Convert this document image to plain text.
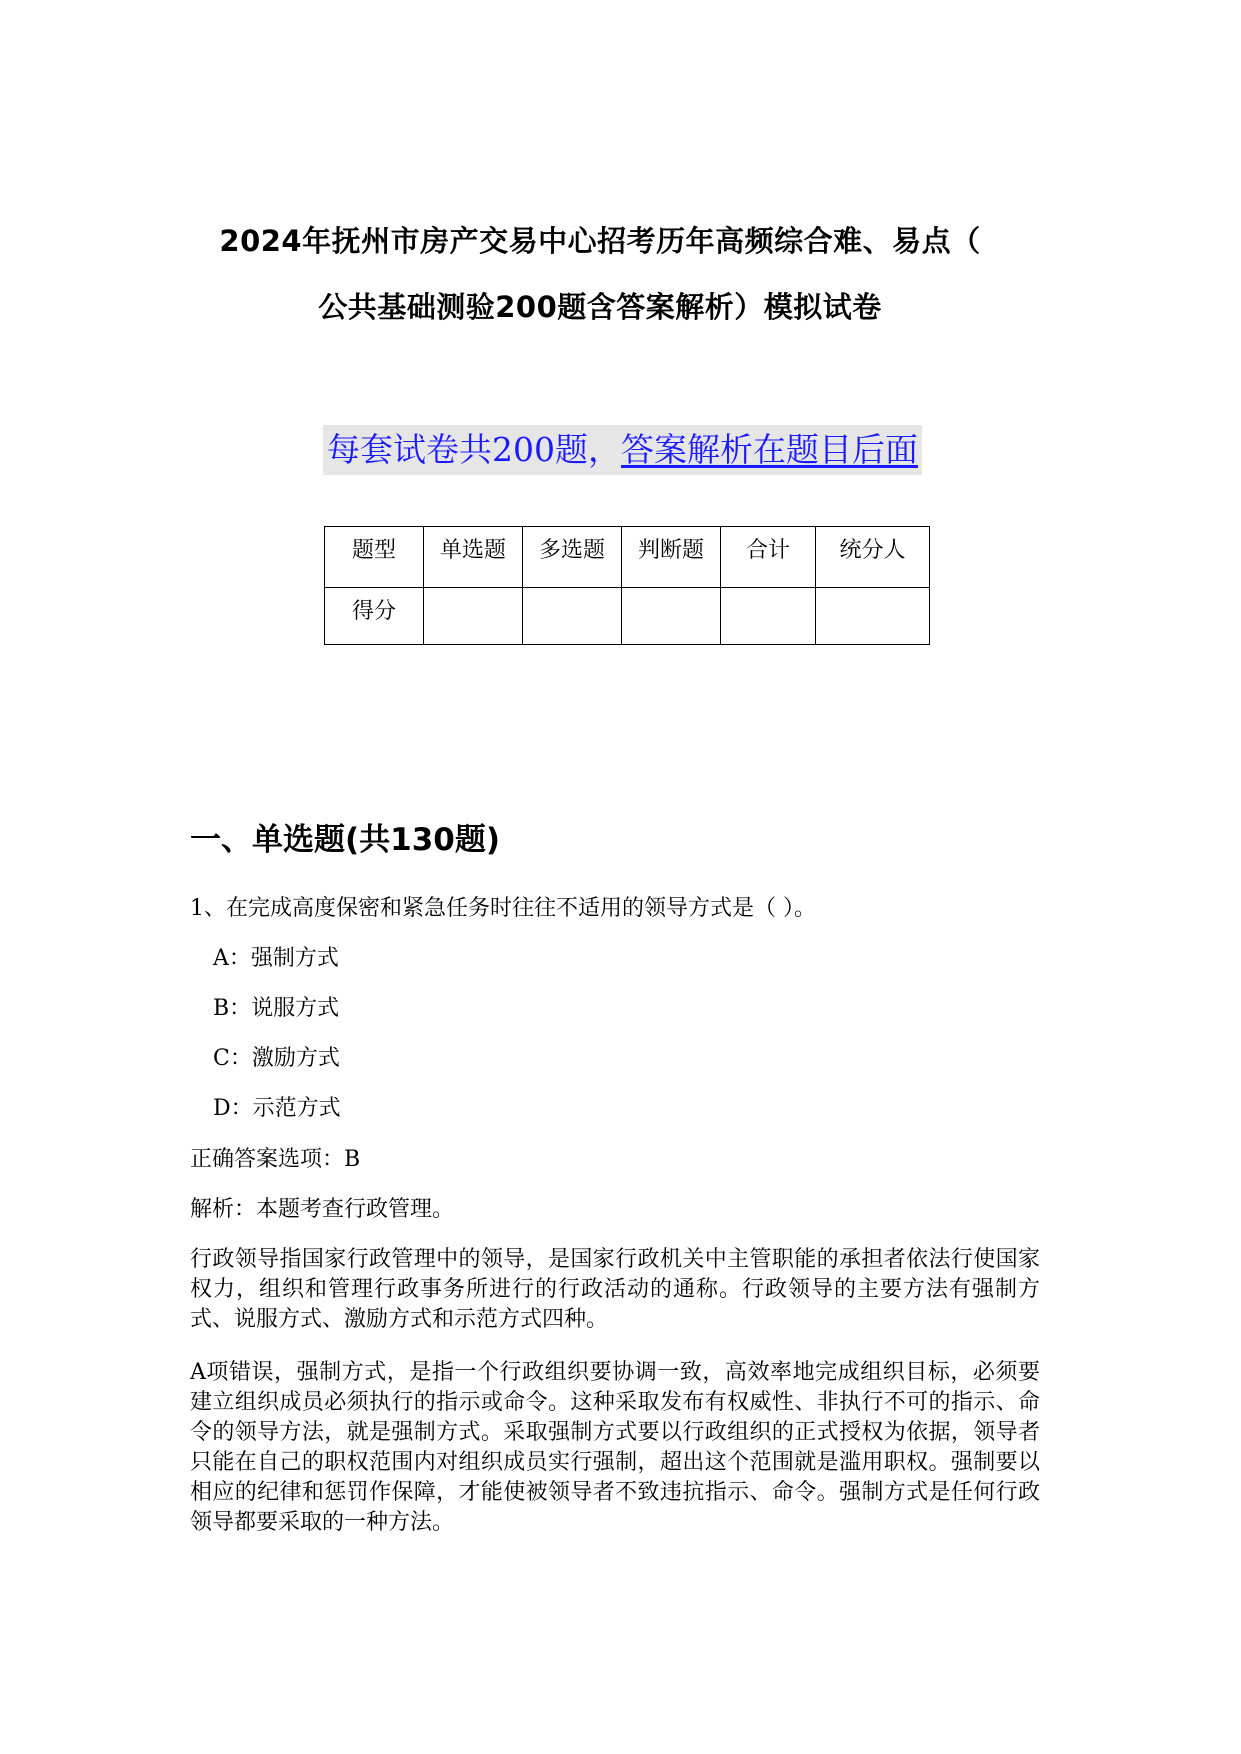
2024年抚州市房产交易中心招考历年高频综合难、易点（
公共基础测验200题含答案解析）模拟试卷
每套试卷共200题，答案解析在题目后面
题型	单选题	多选题	判断题	合计	统分人
得分					
一、单选题(共130题)
1、在完成高度保密和紧急任务时往往不适用的领导方式是（ ）。
A：强制方式
B：说服方式
C：激励方式
D：示范方式
正确答案选项：B
解析：本题考查行政管理。
行政领导指国家行政管理中的领导，是国家行政机关中主管职能的承担者依法行使国家权力，组织和管理行政事务所进行的行政活动的通称。行政领导的主要方法有强制方式、说服方式、激励方式和示范方式四种。
A项错误，强制方式，是指一个行政组织要协调一致，高效率地完成组织目标，必须要建立组织成员必须执行的指示或命令。这种采取发布有权威性、非执行不可的指示、命令的领导方法，就是强制方式。采取强制方式要以行政组织的正式授权为依据，领导者只能在自己的职权范围内对组织成员实行强制，超出这个范围就是滥用职权。强制要以相应的纪律和惩罚作保障，才能使被领导者不致违抗指示、命令。强制方式是任何行政领导都要采取的一种方法。
